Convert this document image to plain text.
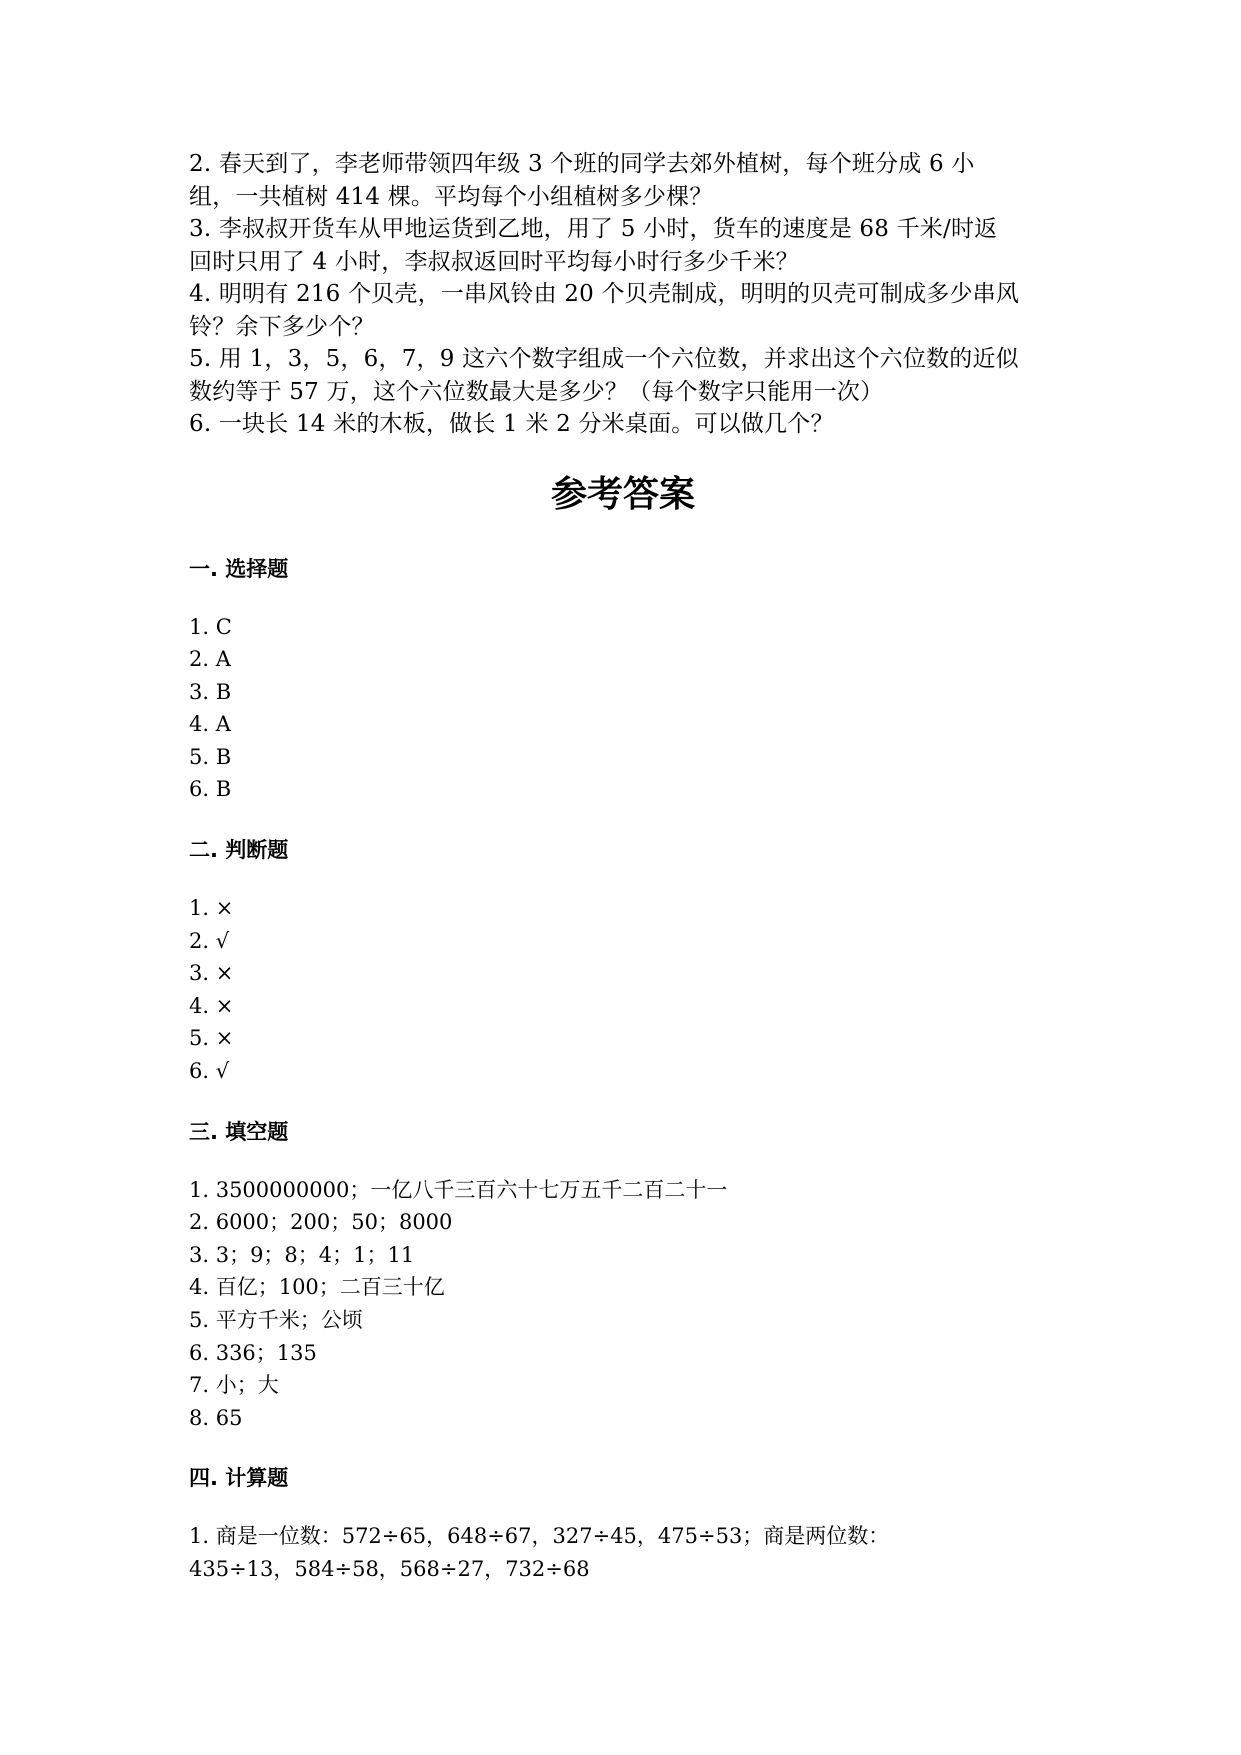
2. 春天到了，李老师带领四年级 3 个班的同学去郊外植树，每个班分成 6 小
组，一共植树 414 棵。平均每个小组植树多少棵？
3. 李叔叔开货车从甲地运货到乙地，用了 5 小时，货车的速度是 68 千米/时返
回时只用了 4 小时，李叔叔返回时平均每小时行多少千米？
4. 明明有 216 个贝壳，一串风铃由 20 个贝壳制成，明明的贝壳可制成多少串风
铃？余下多少个？
5. 用 1，3，5，6，7，9 这六个数字组成一个六位数，并求出这个六位数的近似
数约等于 57 万，这个六位数最大是多少？（每个数字只能用一次）
6. 一块长 14 米的木板，做长 1 米 2 分米桌面。可以做几个？
参考答案
一. 选择题
1. C
2. A
3. B
4. A
5. B
6. B
二. 判断题
1. ×
2. √
3. ×
4. ×
5. ×
6. √
三. 填空题
1. 3500000000；一亿八千三百六十七万五千二百二十一
2. 6000；200；50；8000
3. 3；9；8；4；1；11
4. 百亿；100；二百三十亿
5. 平方千米；公顷
6. 336；135
7. 小；大
8. 65
四. 计算题
1. 商是一位数：572÷65，648÷67，327÷45，475÷53；商是两位数：
435÷13，584÷58，568÷27，732÷68
